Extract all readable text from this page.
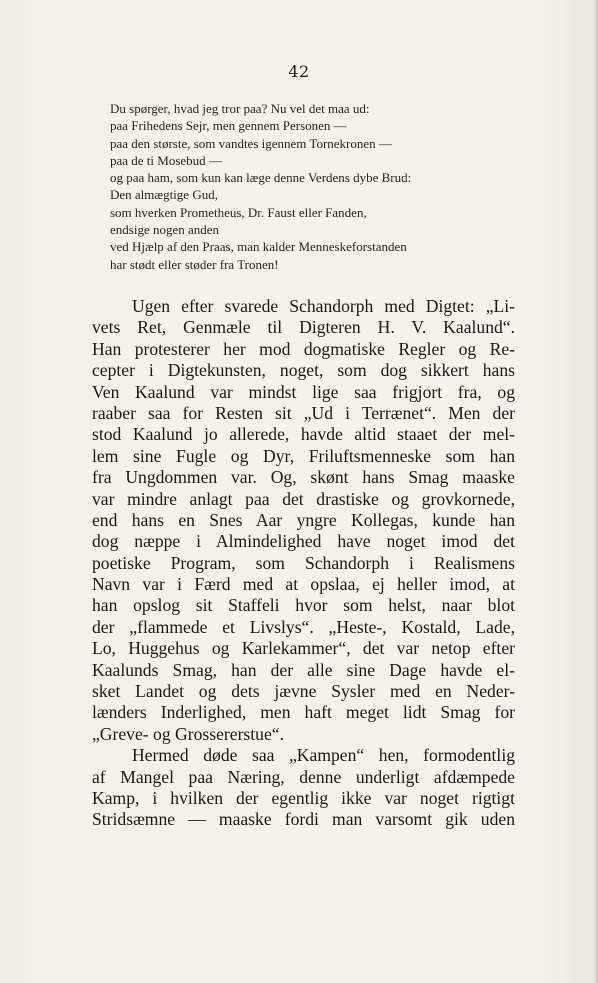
42
Du spørger, hvad jeg tror paa? Nu vel det maa ud:
paa Frihedens Sejr, men gennem Personen —
paa den største, som vandtes igennem Tornekronen —
paa de ti Mosebud —
og paa ham, som kun kan læge denne Verdens dybe Brud:
Den almægtige Gud,
som hverken Prometheus, Dr. Faust eller Fanden,
endsige nogen anden
ved Hjælp af den Praas, man kalder Menneskeforstanden
har stødt eller støder fra Tronen!
Ugen efter svarede Schandorph med Digtet: „Li-
vets Ret, Genmæle til Digteren H. V. Kaalund“.
Han protesterer her mod dogmatiske Regler og Re-
cepter i Digtekunsten, noget, som dog sikkert hans
Ven Kaalund var mindst lige saa frigjort fra, og
raaber saa for Resten sit „Ud i Terrænet“. Men der
stod Kaalund jo allerede, havde altid staaet der mel-
lem sine Fugle og Dyr, Friluftsmenneske som han
fra Ungdommen var. Og, skønt hans Smag maaske
var mindre anlagt paa det drastiske og grovkornede,
end hans en Snes Aar yngre Kollegas, kunde han
dog næppe i Almindelighed have noget imod det
poetiske Program, som Schandorph i Realismens
Navn var i Færd med at opslaa, ej heller imod, at
han opslog sit Staffeli hvor som helst, naar blot
der „flammede et Livslys“. „Heste-, Kostald, Lade,
Lo, Huggehus og Karlekammer“, det var netop efter
Kaalunds Smag, han der alle sine Dage havde el-
sket Landet og dets jævne Sysler med en Neder-
lænders Inderlighed, men haft meget lidt Smag for
„Greve- og Grossererstue“.
Hermed døde saa „Kampen“ hen, formodentlig
af Mangel paa Næring, denne underligt afdæmpede
Kamp, i hvilken der egentlig ikke var noget rigtigt
Stridsæmne — maaske fordi man varsomt gik uden
